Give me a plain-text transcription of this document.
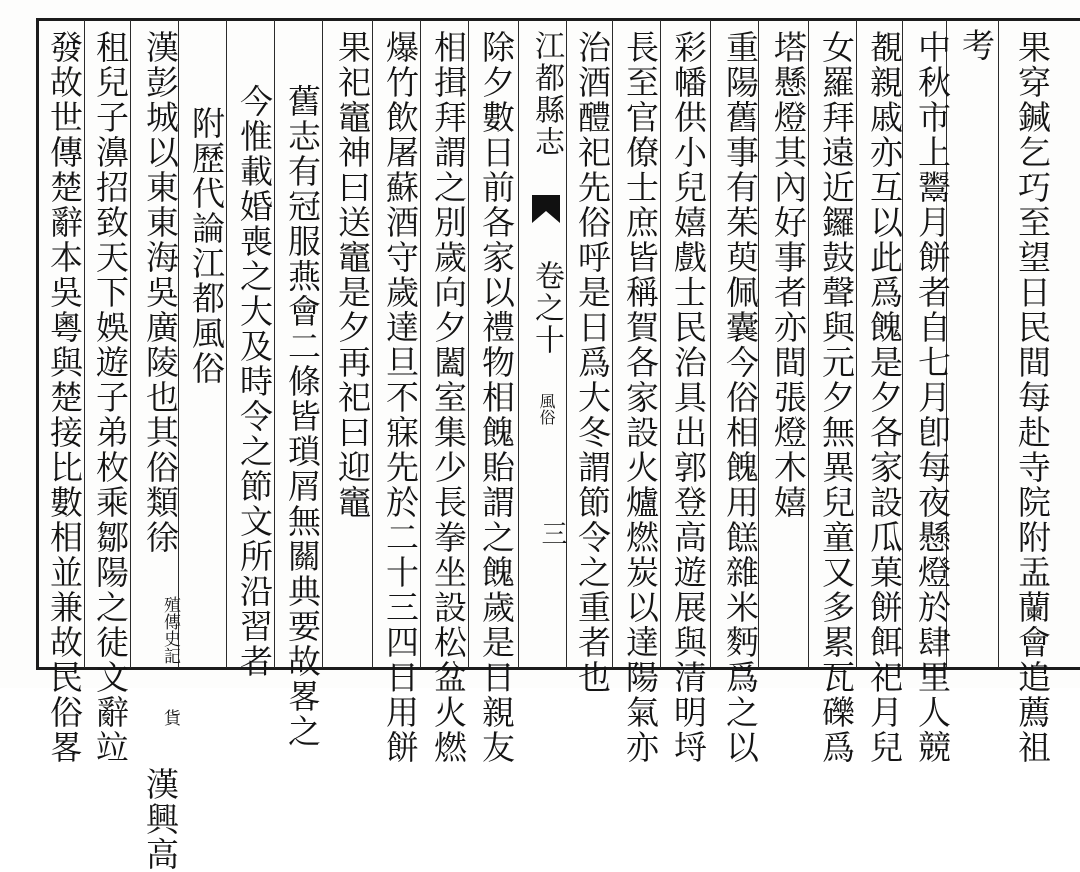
果穿鍼乞巧至望日民間每赴寺院附盂蘭會追薦祖
考
中秋市上鬻月餅者自七月卽每夜懸燈於肆里人競
覩親戚亦互以此爲餽是夕各家設瓜菓餅餌祀月兒
女羅拜遠近鑼鼓聲與元夕無異兒童又多累瓦礫爲
塔懸燈其內好事者亦間張燈木嬉
重陽舊事有茱萸佩囊今俗相餽用餻雜米麪爲之以
彩幡供小兒嬉戲士民治具出郭登高遊展與清明埒
長至官僚士庶皆稱賀各家設火爐燃炭以達陽氣亦
治酒醴祀先俗呼是日爲大冬謂節令之重者也
江都縣志  卷之十 風俗
三
除夕數日前各家以禮物相餽貽謂之餽歲是日親友
相揖拜謂之別歲向夕闔室集少長拳坐設松盆火燃
爆竹飲屠蘇酒守歲達旦不寐先於二十三四日用餅
果祀竈神曰送竈是夕再祀曰迎竈
舊志有冠服燕會二條皆瑣屑無關典要故畧之
今惟載婚喪之大及時令之節文所沿習者
附歷代論江都風俗
漢彭城以東東海吳廣陵也其俗類徐
史記
殖傳
貨 漢興高
租兒子濞招致天下娛遊子弟枚乘鄒陽之徒文辭竝
發故世傳楚辭本吳粵與楚接比數相並兼故民俗畧
